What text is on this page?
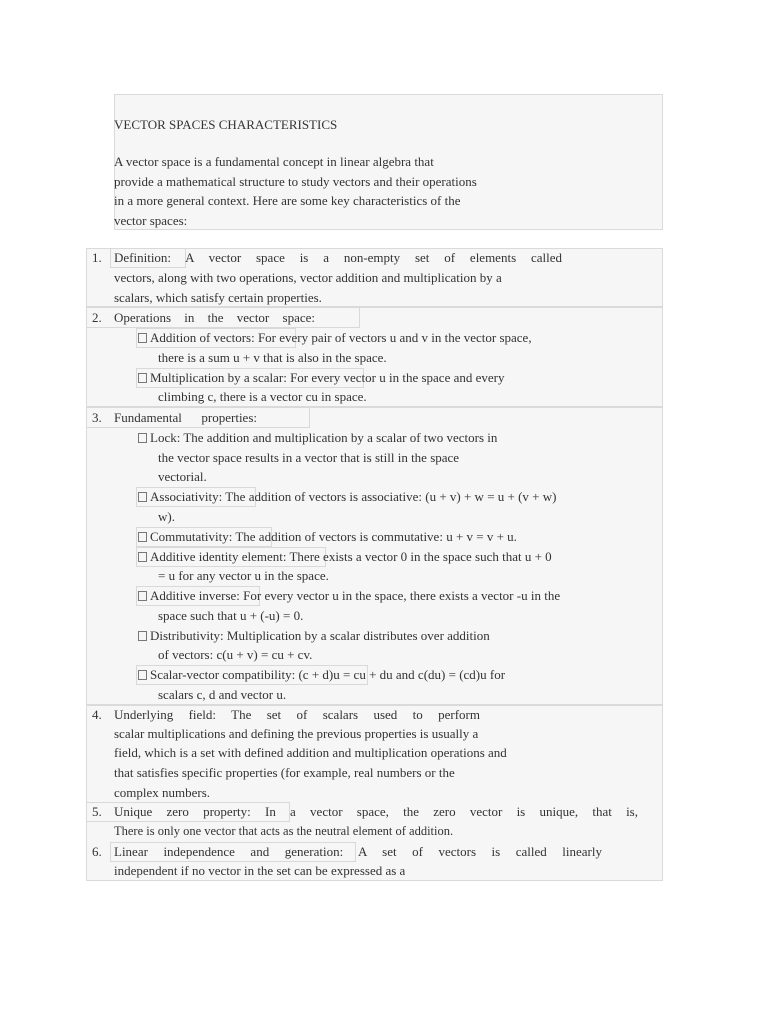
VECTOR SPACES CHARACTERISTICS
A vector space is a fundamental concept in linear algebra that
provide a mathematical structure to study vectors and their operations
in a more general context. Here are some key characteristics of the
vector spaces:
1. Definition: A vector space is a non-empty set of elements called
vectors, along with two operations, vector addition and multiplication by a
scalars, which satisfy certain properties.
2. Operations in the vector space:
Addition of vectors: For every pair of vectors u and v in the vector space,
there is a sum u + v that is also in the space.
Multiplication by a scalar: For every vector u in the space and every
climbing c, there is a vector cu in space.
3. Fundamental properties:
Lock: The addition and multiplication by a scalar of two vectors in
the vector space results in a vector that is still in the space
vectorial.
Associativity: The addition of vectors is associative: (u + v) + w = u + (v + w)
w).
Commutativity: The addition of vectors is commutative: u + v = v + u.
Additive identity element: There exists a vector 0 in the space such that u + 0
= u for any vector u in the space.
Additive inverse: For every vector u in the space, there exists a vector -u in the
space such that u + (-u) = 0.
Distributivity: Multiplication by a scalar distributes over addition
of vectors: c(u + v) = cu + cv.
Scalar-vector compatibility: (c + d)u = cu + du and c(du) = (cd)u for
scalars c, d and vector u.
4. Underlying field: The set of scalars used to perform
scalar multiplications and defining the previous properties is usually a
field, which is a set with defined addition and multiplication operations and
that satisfies specific properties (for example, real numbers or the
complex numbers.
5. Unique zero property: In a vector space, the zero vector is unique, that is,
There is only one vector that acts as the neutral element of addition.
6. Linear independence and generation: A set of vectors is called linearly
independent if no vector in the set can be expressed as a
